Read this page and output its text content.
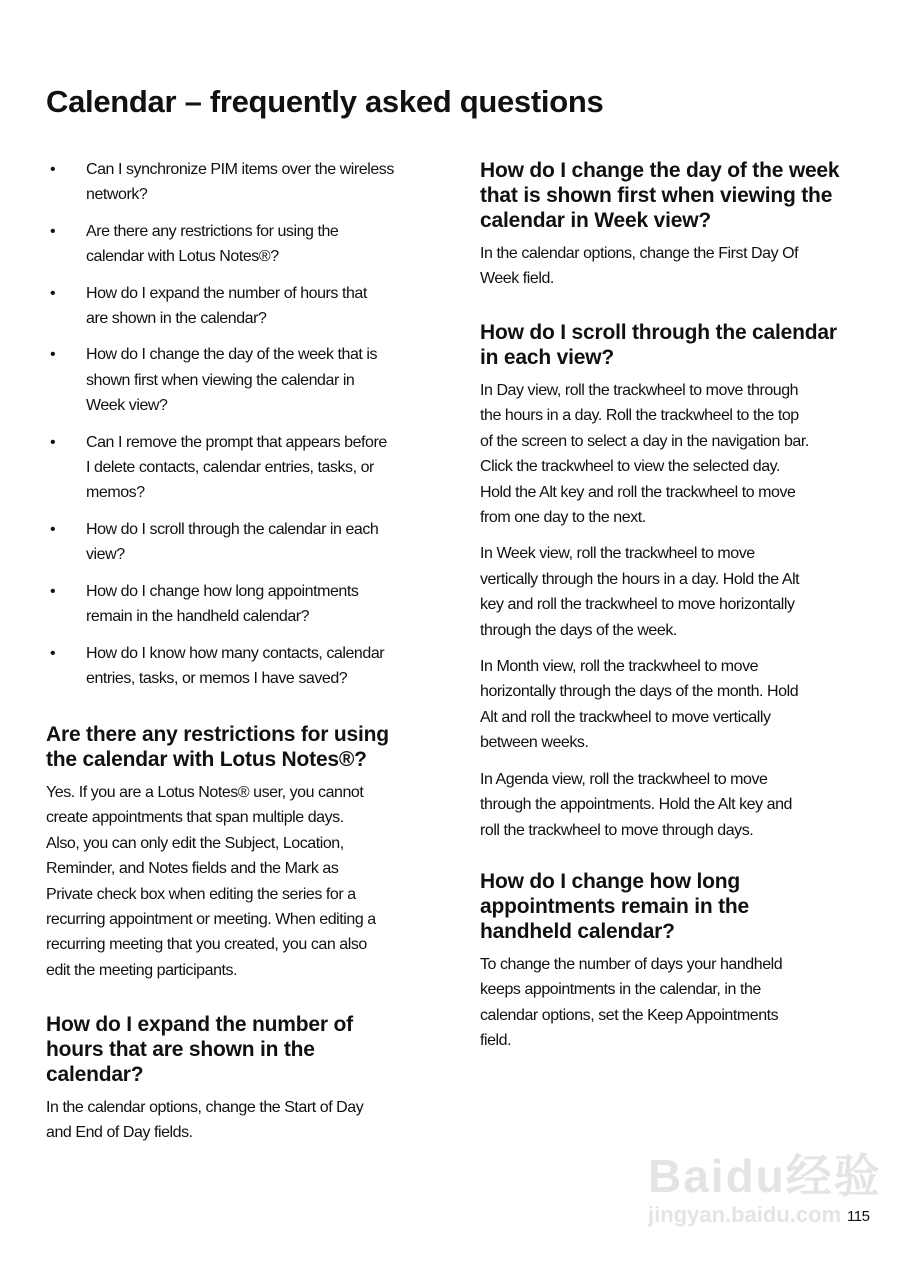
Calendar – frequently asked questions
• Can I synchronize PIM items over the wireless
network?

• Are there any restrictions for using the
calendar with Lotus Notes®?

• How do I expand the number of hours that
are shown in the calendar?

• How do I change the day of the week that is
shown first when viewing the calendar in
Week view?

• Can I remove the prompt that appears before
I delete contacts, calendar entries, tasks, or
memos?

• How do I scroll through the calendar in each
view?

• How do I change how long appointments
remain in the handheld calendar?

• How do I know how many contacts, calendar
entries, tasks, or memos I have saved?

Are there any restrictions for using
the calendar with Lotus Notes®?

Yes. If you are a Lotus Notes® user, you cannot
create appointments that span multiple days.
Also, you can only edit the Subject, Location,
Reminder, and Notes fields and the Mark as
Private check box when editing the series for a
recurring appointment or meeting. When editing a
recurring meeting that you created, you can also
edit the meeting participants.

How do I expand the number of
hours that are shown in the
calendar?

In the calendar options, change the Start of Day
and End of Day fields.

How do I change the day of the week
that is shown first when viewing the
calendar in Week view?

In the calendar options, change the First Day Of
Week field.

How do I scroll through the calendar
in each view?

In Day view, roll the trackwheel to move through
the hours in a day. Roll the trackwheel to the top
of the screen to select a day in the navigation bar.
Click the trackwheel to view the selected day.
Hold the Alt key and roll the trackwheel to move
from one day to the next.

In Week view, roll the trackwheel to move
vertically through the hours in a day. Hold the Alt
key and roll the trackwheel to move horizontally
through the days of the week.

In Month view, roll the trackwheel to move
horizontally through the days of the month. Hold
Alt and roll the trackwheel to move vertically
between weeks.

In Agenda view, roll the trackwheel to move
through the appointments. Hold the Alt key and
roll the trackwheel to move through days.

How do I change how long
appointments remain in the
handheld calendar?

To change the number of days your handheld
keeps appointments in the calendar, in the
calendar options, set the Keep Appointments
field.

Baidu经验
jingyan.baidu.com 115
